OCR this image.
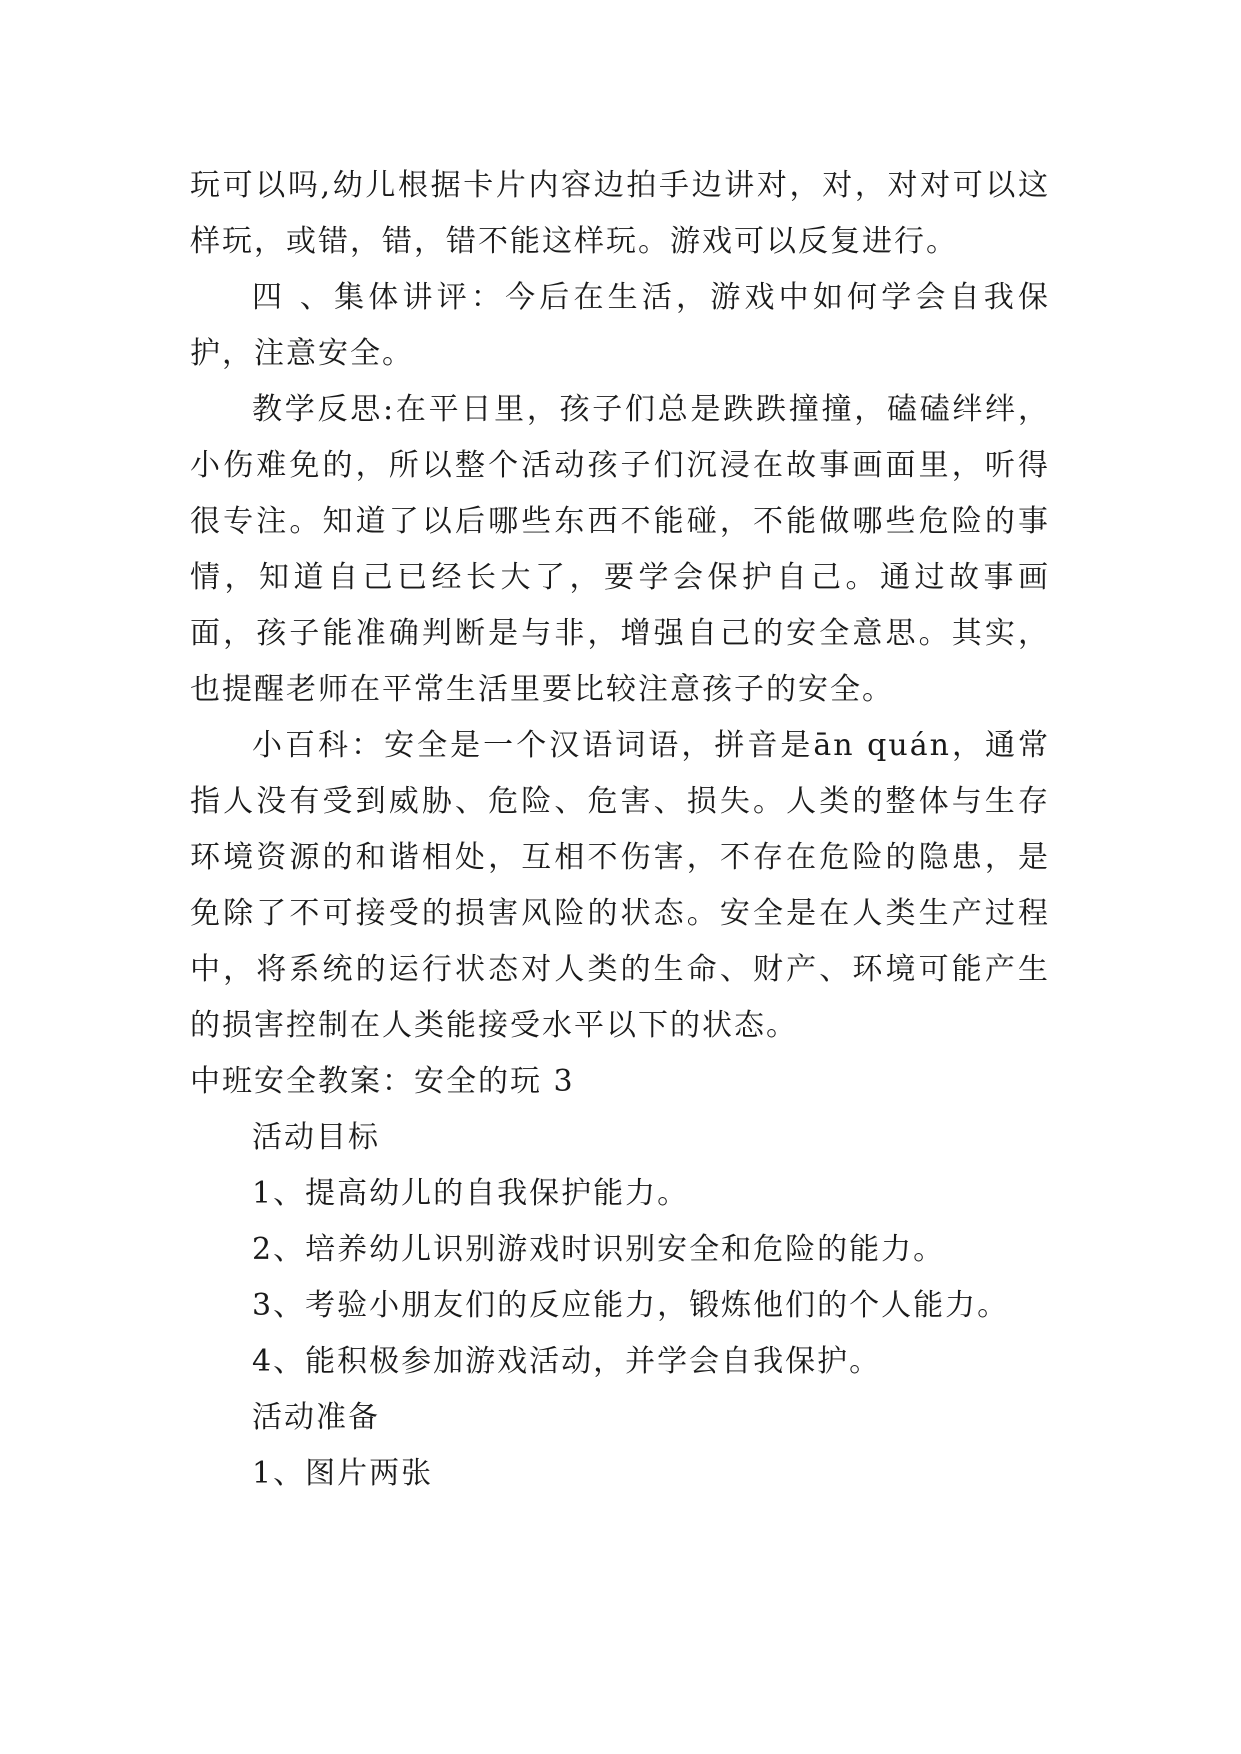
玩可以吗,幼儿根据卡片内容边拍手边讲对，对，对对可以这样玩，或错，错，错不能这样玩。游戏可以反复进行。

四 、集体讲评：今后在生活，游戏中如何学会自我保护，注意安全。

教学反思:在平日里，孩子们总是跌跌撞撞，磕磕绊绊，小伤难免的，所以整个活动孩子们沉浸在故事画面里，听得很专注。知道了以后哪些东西不能碰，不能做哪些危险的事情，知道自己已经长大了，要学会保护自己。通过故事画面，孩子能准确判断是与非，增强自己的安全意思。其实，也提醒老师在平常生活里要比较注意孩子的安全。

小百科：安全是一个汉语词语，拼音是ān quán，通常指人没有受到威胁、危险、危害、损失。人类的整体与生存环境资源的和谐相处，互相不伤害，不存在危险的隐患，是免除了不可接受的损害风险的状态。安全是在人类生产过程中，将系统的运行状态对人类的生命、财产、环境可能产生的损害控制在人类能接受水平以下的状态。

中班安全教案：安全的玩 3

活动目标

1、提高幼儿的自我保护能力。

2、培养幼儿识别游戏时识别安全和危险的能力。

3、考验小朋友们的反应能力，锻炼他们的个人能力。

4、能积极参加游戏活动，并学会自我保护。

活动准备

1、图片两张
